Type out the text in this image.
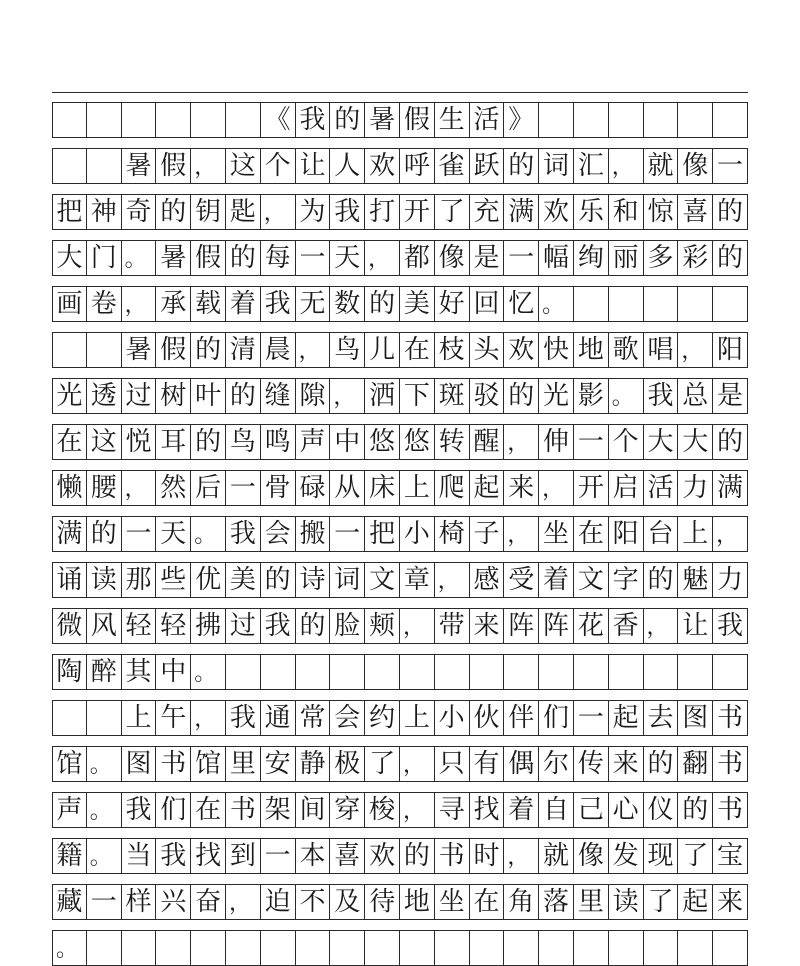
《 我 的 暑 假 生 活 》
暑 假 ， 这 个 让 人 欢 呼 雀 跃 的 词 汇 ， 就 像 一
把 神 奇 的 钥 匙 ， 为 我 打 开 了 充 满 欢 乐 和 惊 喜 的
大 门 。 暑 假 的 每 一 天 ， 都 像 是 一 幅 绚 丽 多 彩 的
画 卷 ， 承 载 着 我 无 数 的 美 好 回 忆 。
暑 假 的 清 晨 ， 鸟 儿 在 枝 头 欢 快 地 歌 唱 ， 阳
光 透 过 树 叶 的 缝 隙 ， 洒 下 斑 驳 的 光 影 。 我 总 是
在 这 悦 耳 的 鸟 鸣 声 中 悠 悠 转 醒 ， 伸 一 个 大 大 的
懒 腰 ， 然 后 一 骨 碌 从 床 上 爬 起 来 ， 开 启 活 力 满
满 的 一 天 。 我 会 搬 一 把 小 椅 子 ， 坐 在 阳 台 上 ，
诵 读 那 些 优 美 的 诗 词 文 章 ， 感 受 着 文 字 的 魅 力
微 风 轻 轻 拂 过 我 的 脸 颊 ， 带 来 阵 阵 花 香 ， 让 我
陶 醉 其 中 。
上 午 ， 我 通 常 会 约 上 小 伙 伴 们 一 起 去 图 书
馆 。 图 书 馆 里 安 静 极 了 ， 只 有 偶 尔 传 来 的 翻 书
声 。 我 们 在 书 架 间 穿 梭 ， 寻 找 着 自 己 心 仪 的 书
籍 。 当 我 找 到 一 本 喜 欢 的 书 时 ， 就 像 发 现 了 宝
藏 一 样 兴 奋 ， 迫 不 及 待 地 坐 在 角 落 里 读 了 起 来
。
